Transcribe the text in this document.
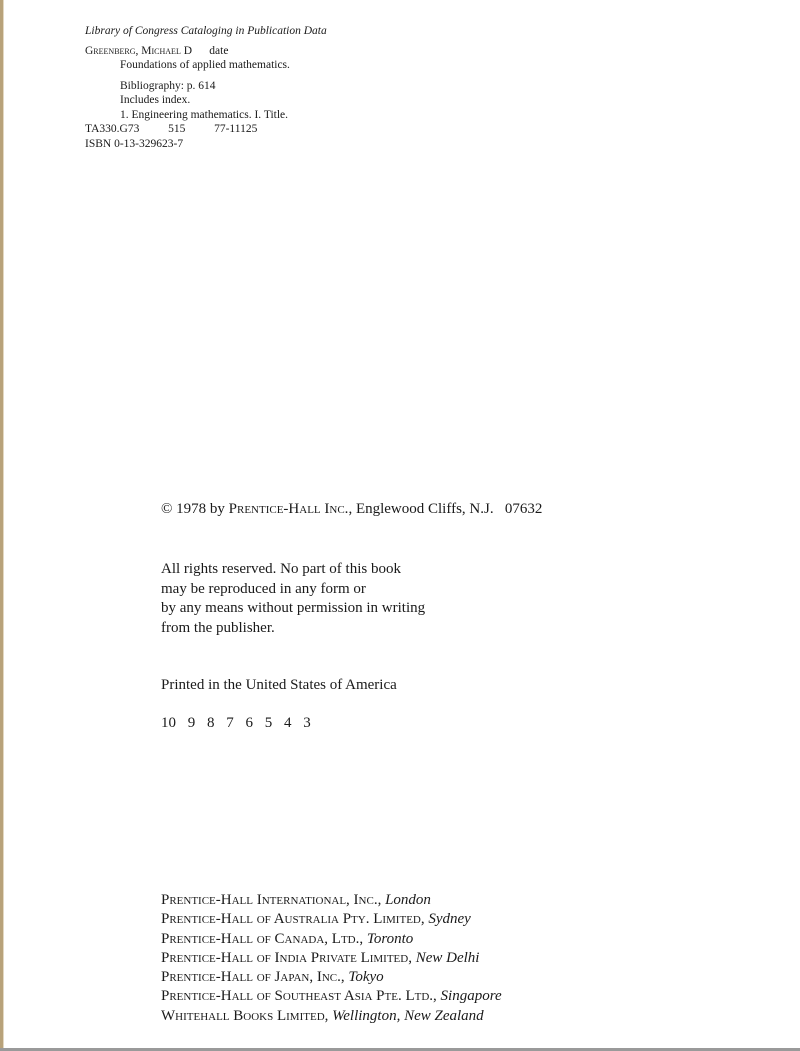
Library of Congress Cataloging in Publication Data
Greenberg, Michael D date
Foundations of applied mathematics.
Bibliography: p. 614
Includes index.
1. Engineering mathematics. I. Title.
TA330.G73	515	77-11125
ISBN 0-13-329623-7
© 1978 by Prentice-Hall Inc., Englewood Cliffs, N.J. 07632
All rights reserved. No part of this book
may be reproduced in any form or
by any means without permission in writing
from the publisher.
Printed in the United States of America
10 9 8 7 6 5 4 3
Prentice-Hall International, Inc., London
Prentice-Hall of Australia Pty. Limited, Sydney
Prentice-Hall of Canada, Ltd., Toronto
Prentice-Hall of India Private Limited, New Delhi
Prentice-Hall of Japan, Inc., Tokyo
Prentice-Hall of Southeast Asia Pte. Ltd., Singapore
Whitehall Books Limited, Wellington, New Zealand
